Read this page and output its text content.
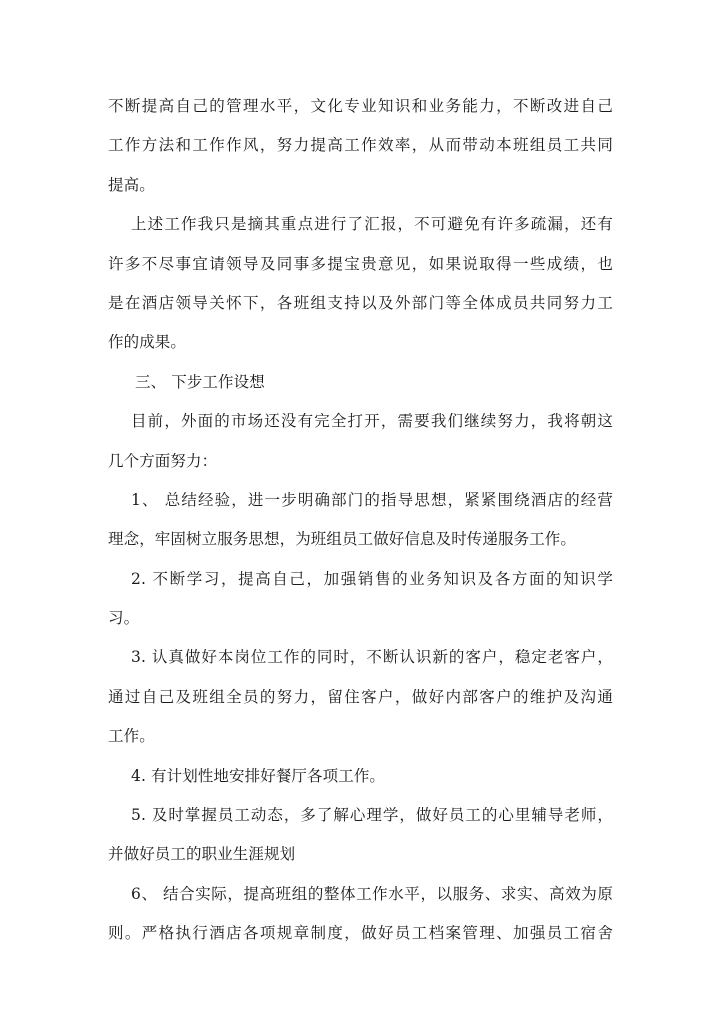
不断提高自己的管理水平，文化专业知识和业务能力，不断改进自己
工作方法和工作作风，努力提高工作效率，从而带动本班组员工共同
提高。
上述工作我只是摘其重点进行了汇报，不可避免有许多疏漏，还有
许多不尽事宜请领导及同事多提宝贵意见，如果说取得一些成绩，也
是在酒店领导关怀下，各班组支持以及外部门等全体成员共同努力工
作的成果。
三、 下步工作设想
目前，外面的市场还没有完全打开，需要我们继续努力，我将朝这
几个方面努力：
1、 总结经验，进一步明确部门的指导思想，紧紧围绕酒店的经营
理念，牢固树立服务思想，为班组员工做好信息及时传递服务工作。
2. 不断学习，提高自己，加强销售的业务知识及各方面的知识学
习。
3. 认真做好本岗位工作的同时，不断认识新的客户，稳定老客户，
通过自己及班组全员的努力，留住客户，做好内部客户的维护及沟通
工作。
4. 有计划性地安排好餐厅各项工作。
5. 及时掌握员工动态，多了解心理学，做好员工的心里辅导老师，
并做好员工的职业生涯规划
6、 结合实际，提高班组的整体工作水平，以服务、求实、高效为原
则。严格执行酒店各项规章制度，做好员工档案管理、加强员工宿舍
